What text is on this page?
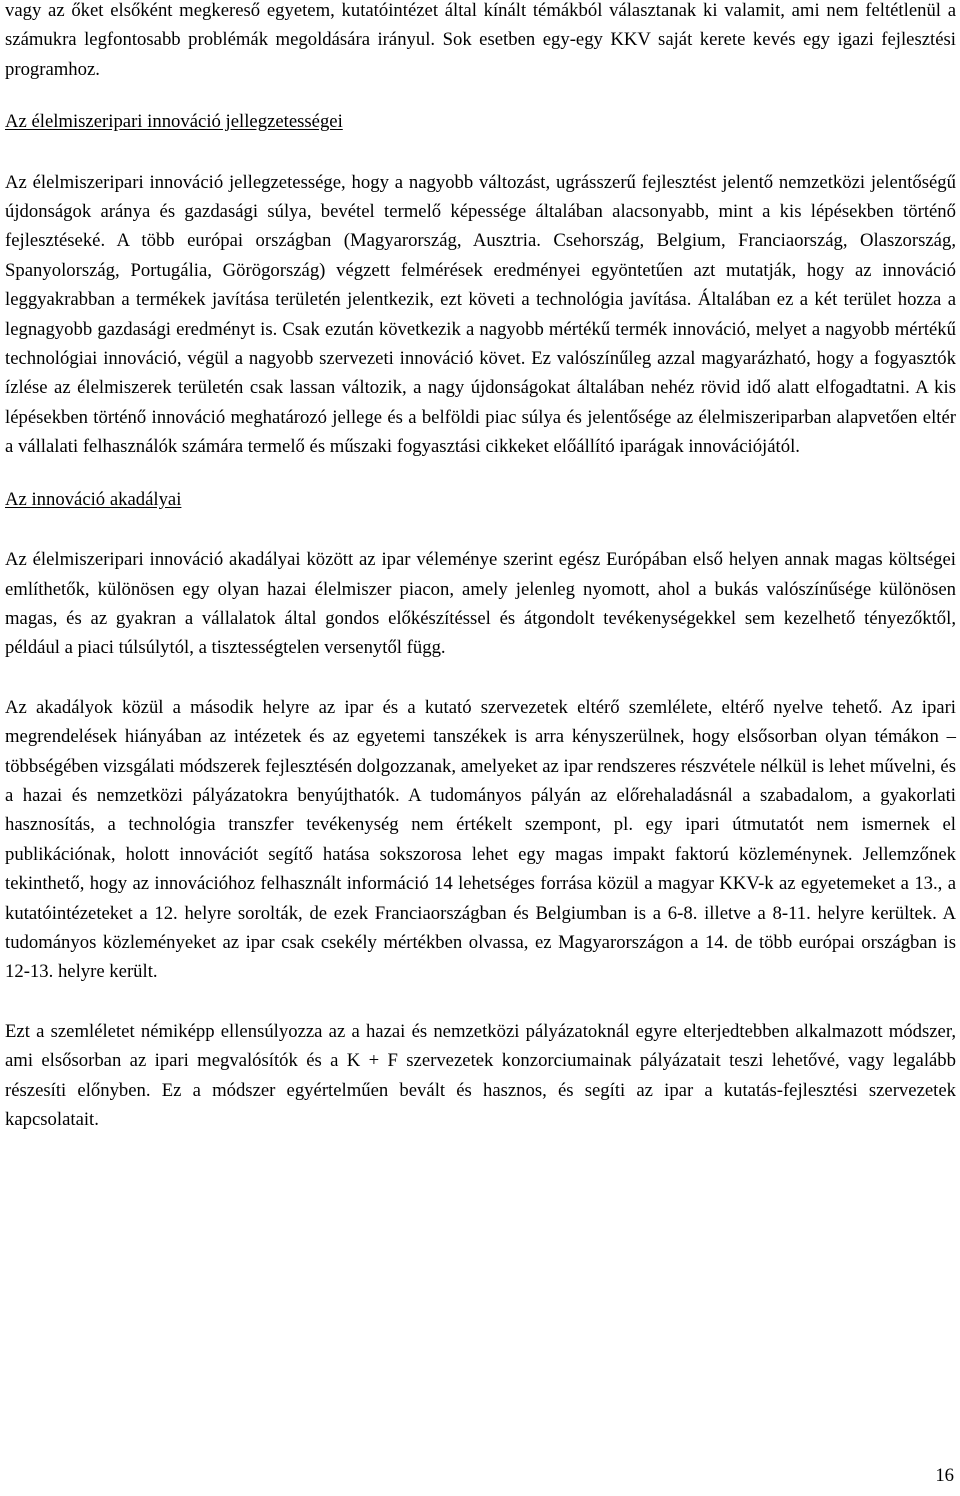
vagy az őket elsőként megkereső egyetem, kutatóintézet által kínált témákból választanak ki valamit, ami nem feltétlenül a számukra legfontosabb problémák megoldására irányul. Sok esetben egy-egy KKV saját kerete kevés egy igazi fejlesztési programhoz.

Az élelmiszeripari innováció jellegzetességei

Az élelmiszeripari innováció jellegzetessége, hogy a nagyobb változást, ugrásszerű fejlesztést jelentő nemzetközi jelentőségű újdonságok aránya és gazdasági súlya, bevétel termelő képessége általában alacsonyabb, mint a kis lépésekben történő fejlesztéseké. A több európai országban (Magyarország, Ausztria. Csehország, Belgium, Franciaország, Olaszország, Spanyolország, Portugália, Görögország) végzett felmérések eredményei egyöntetűen azt mutatják, hogy az innováció leggyakrabban a termékek javítása területén jelentkezik, ezt követi a technológia javítása. Általában ez a két terület hozza a legnagyobb gazdasági eredményt is. Csak ezután következik a nagyobb mértékű termék innováció, melyet a nagyobb mértékű technológiai innováció, végül a nagyobb szervezeti innováció követ. Ez valószínűleg azzal magyarázható, hogy a fogyasztók ízlése az élelmiszerek területén csak lassan változik, a nagy újdonságokat általában nehéz rövid idő alatt elfogadtatni. A kis lépésekben történő innováció meghatározó jellege és a belföldi piac súlya és jelentősége az élelmiszeriparban alapvetően eltér a vállalati felhasználók számára termelő és műszaki fogyasztási cikkeket előállító iparágak innovációjától.

Az innováció akadályai

Az élelmiszeripari innováció akadályai között az ipar véleménye szerint egész Európában első helyen annak magas költségei említhetők, különösen egy olyan hazai élelmiszer piacon, amely jelenleg nyomott, ahol a bukás valószínűsége különösen magas, és az gyakran a vállalatok által gondos előkészítéssel és átgondolt tevékenységekkel sem kezelhető tényezőktől, például a piaci túlsúlytól, a tisztességtelen versenytől függ.

Az akadályok közül a második helyre az ipar és a kutató szervezetek eltérő szemlélete, eltérő nyelve tehető. Az ipari megrendelések hiányában az intézetek és az egyetemi tanszékek is arra kényszerülnek, hogy elsősorban olyan témákon – többségében vizsgálati módszerek fejlesztésén dolgozzanak, amelyeket az ipar rendszeres részvétele nélkül is lehet művelni, és a hazai és nemzetközi pályázatokra benyújthatók. A tudományos pályán az előrehaladásnál a szabadalom, a gyakorlati hasznosítás, a technológia transzfer tevékenység nem értékelt szempont, pl. egy ipari útmutatót nem ismernek el publikációnak, holott innovációt segítő hatása sokszorosa lehet egy magas impakt faktorú közleménynek. Jellemzőnek tekinthető, hogy az innovációhoz felhasznált információ 14 lehetséges forrása közül a magyar KKV-k az egyetemeket a 13., a kutatóintézeteket a 12. helyre sorolták, de ezek Franciaországban és Belgiumban is a 6-8. illetve a 8-11. helyre kerültek. A tudományos közleményeket az ipar csak csekély mértékben olvassa, ez Magyarországon a 14. de több európai országban is 12-13. helyre került.

Ezt a szemléletet némiképp ellensúlyozza az a hazai és nemzetközi pályázatoknál egyre elterjedtebben alkalmazott módszer, ami elsősorban az ipari megvalósítók és a K + F szervezetek konzorciumainak pályázatait teszi lehetővé, vagy legalább részesíti előnyben. Ez a módszer egyértelműen bevált és hasznos, és segíti az ipar a kutatás-fejlesztési szervezetek kapcsolatait.

16
